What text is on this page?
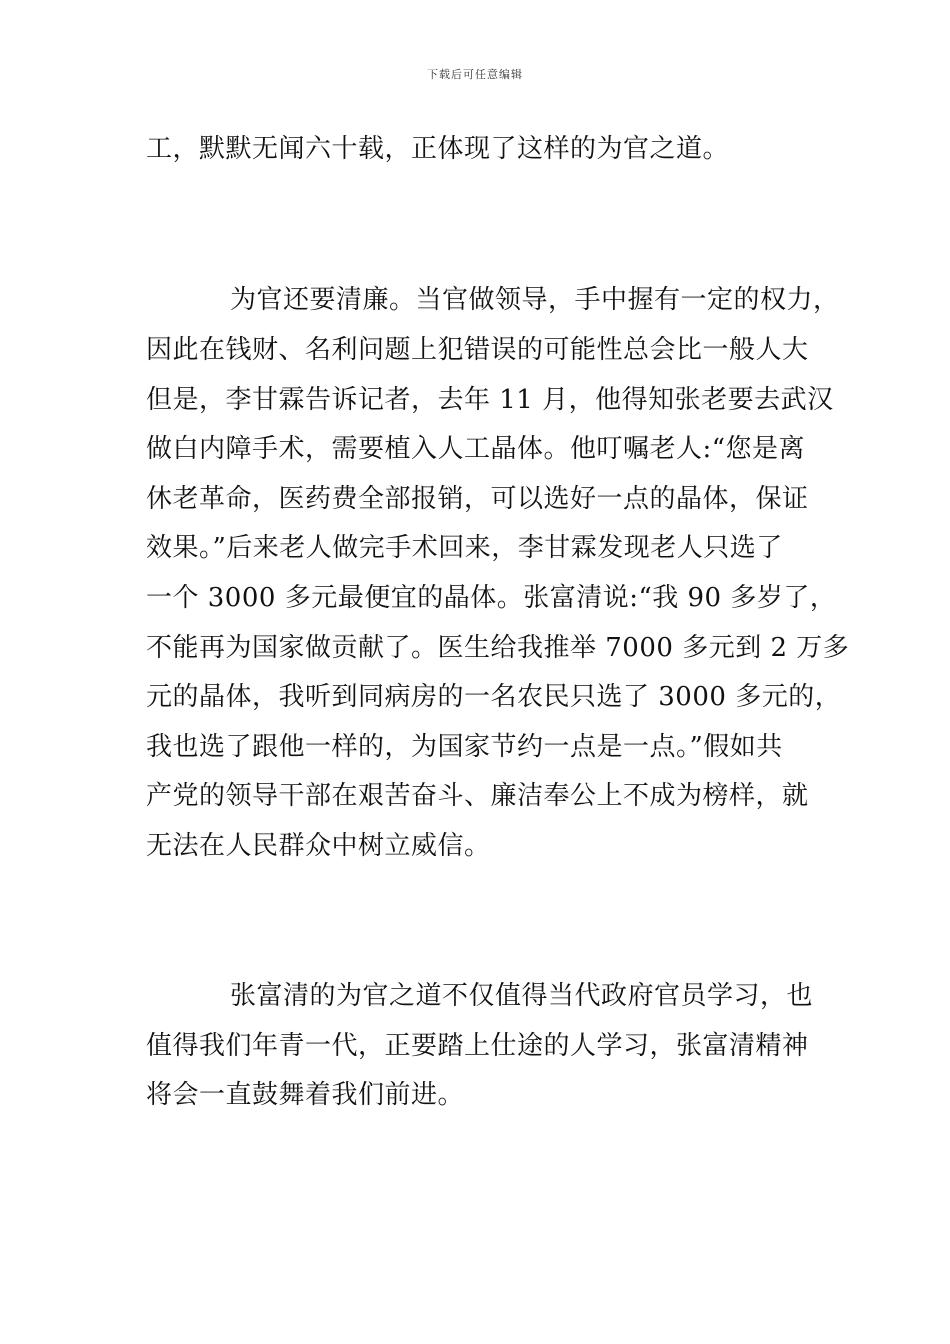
下载后可任意编辑
工，默默无闻六十载，正体现了这样的为官之道。
为官还要清廉。当官做领导，手中握有一定的权力，
因此在钱财、名利问题上犯错误的可能性总会比一般人大
但是，李甘霖告诉记者，去年 11 月，他得知张老要去武汉
做白内障手术，需要植入人工晶体。他叮嘱老人:“您是离
休老革命，医药费全部报销，可以选好一点的晶体，保证
效果。”后来老人做完手术回来，李甘霖发现老人只选了
一个 3000 多元最便宜的晶体。张富清说:“我 90 多岁了，
不能再为国家做贡献了。医生给我推举 7000 多元到 2 万多
元的晶体，我听到同病房的一名农民只选了 3000 多元的，
我也选了跟他一样的，为国家节约一点是一点。”假如共
产党的领导干部在艰苦奋斗、廉洁奉公上不成为榜样，就
无法在人民群众中树立威信。
张富清的为官之道不仅值得当代政府官员学习，也
值得我们年青一代，正要踏上仕途的人学习，张富清精神
将会一直鼓舞着我们前进。
